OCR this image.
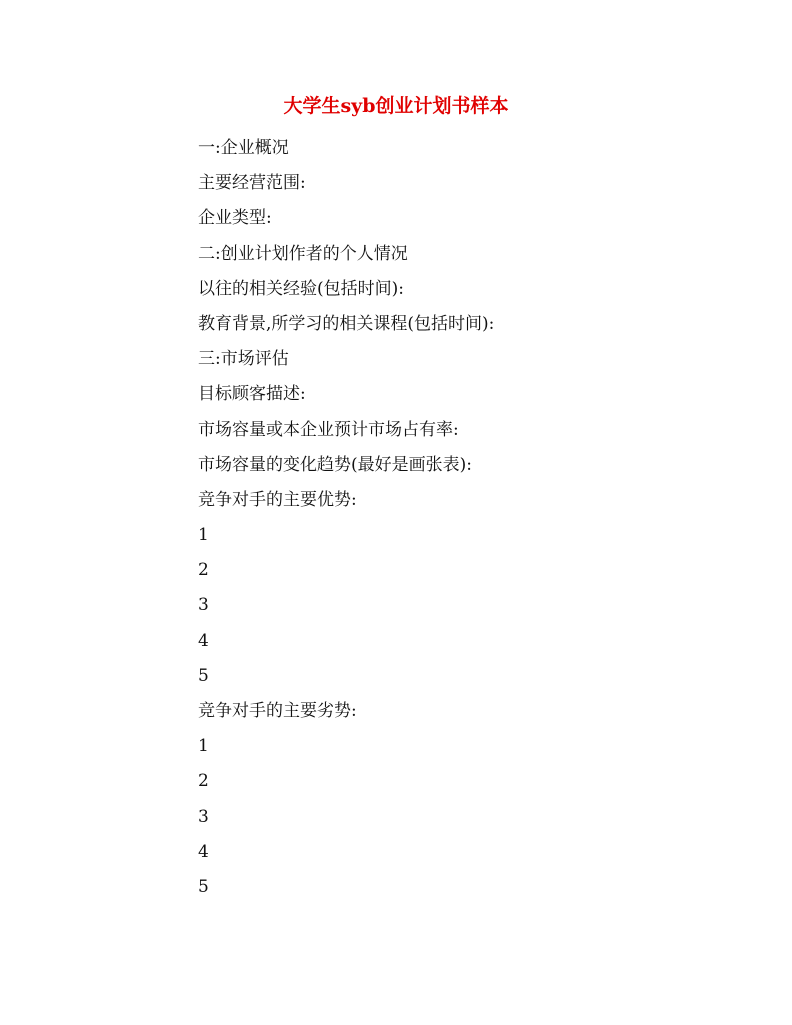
大学生syb创业计划书样本
一:企业概况
主要经营范围:
企业类型:
二:创业计划作者的个人情况
以往的相关经验(包括时间):
教育背景,所学习的相关课程(包括时间):
三:市场评估
目标顾客描述:
市场容量或本企业预计市场占有率:
市场容量的变化趋势(最好是画张表):
竞争对手的主要优势:
1
2
3
4
5
竞争对手的主要劣势:
1
2
3
4
5
